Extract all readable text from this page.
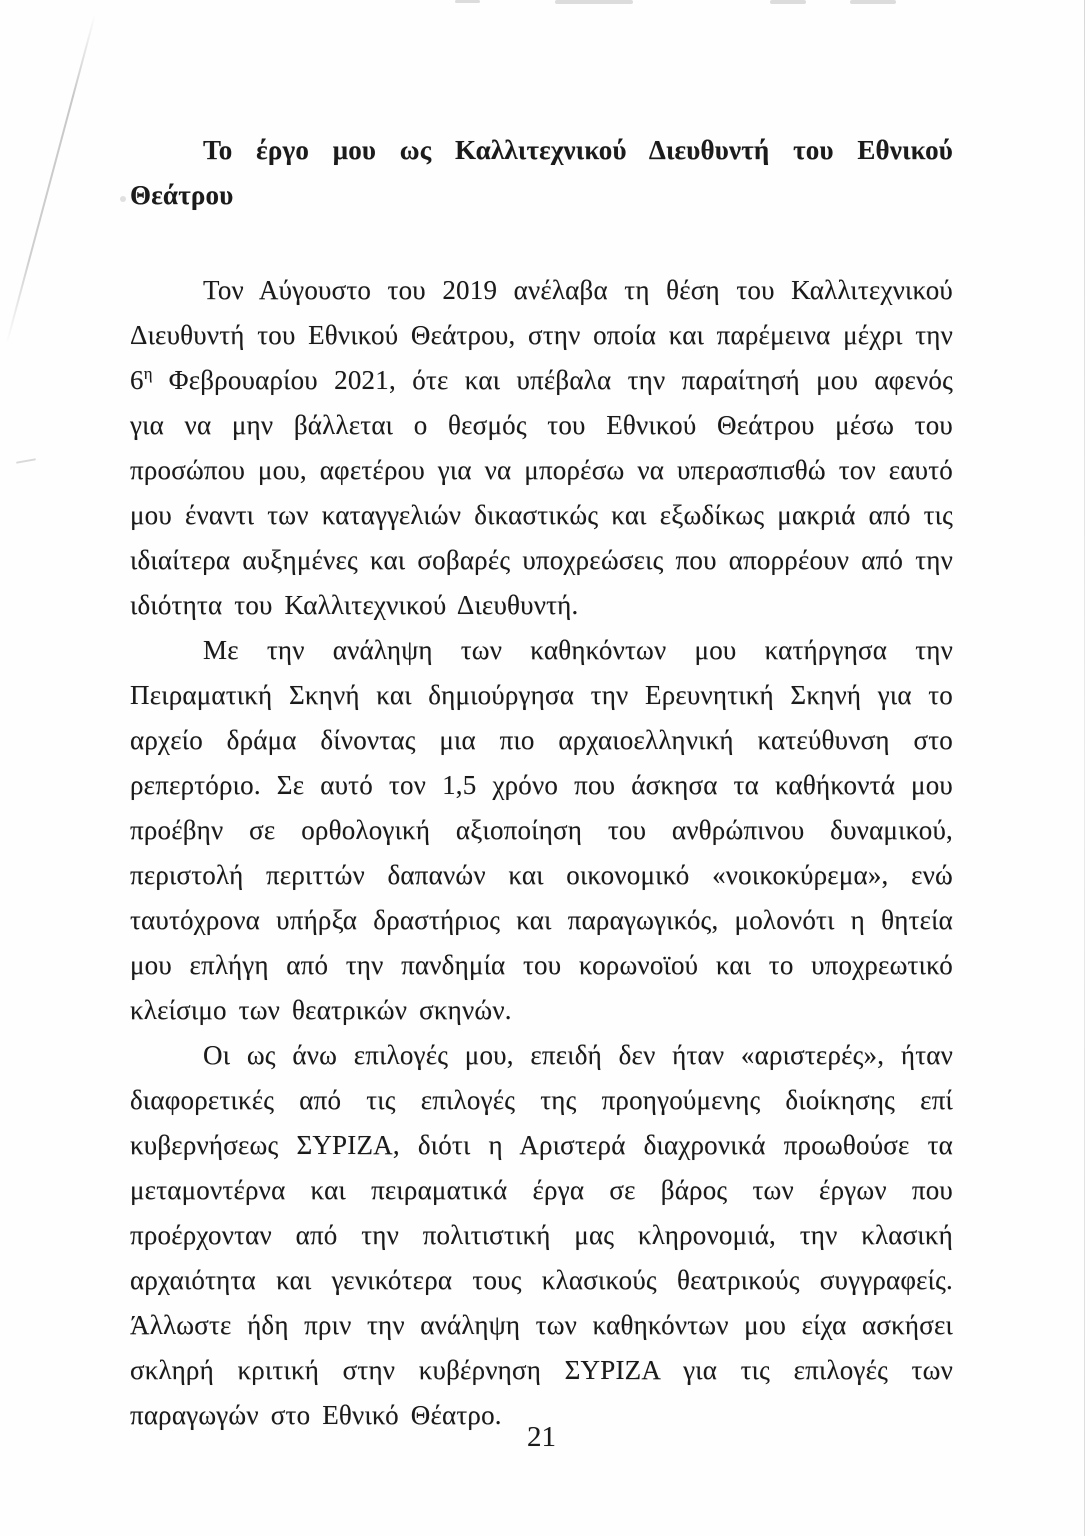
Το έργο μου ως Καλλιτεχνικού Διευθυντή του Εθνικού
Θεάτρου

Τον Αύγουστο του 2019 ανέλαβα τη θέση του Καλλιτεχνικού Διευθυντή του Εθνικού Θεάτρου, στην οποία και παρέμεινα μέχρι την $6^\eta$ Φεβρουαρίου 2021, ότε και υπέβαλα την παραίτησή μου αφενός για να μην βάλλεται ο θεσμός του Εθνικού Θεάτρου μέσω του προσώπου μου, αφετέρου για να μπορέσω να υπερασπισθώ τον εαυτό μου έναντι των καταγγελιών δικαστικώς και εξωδίκως μακριά από τις ιδιαίτερα αυξημένες και σοβαρές υποχρεώσεις που απορρέουν από την ιδιότητα του Καλλιτεχνικού Διευθυντή.

Με την ανάληψη των καθηκόντων μου κατήργησα την Πειραματική Σκηνή και δημιούργησα την Ερευνητική Σκηνή για το αρχείο δράμα δίνοντας μια πιο αρχαιοελληνική κατεύθυνση στο ρεπερτόριο. Σε αυτό τον 1,5 χρόνο που άσκησα τα καθήκοντά μου προέβην σε ορθολογική αξιοποίηση του ανθρώπινου δυναμικού, περιστολή περιττών δαπανών και οικονομικό «νοικοκύρεμα», ενώ ταυτόχρονα υπήρξα δραστήριος και παραγωγικός, μολονότι η θητεία μου επλήγη από την πανδημία του κορωνοϊού και το υποχρεωτικό κλείσιμο των θεατρικών σκηνών.

Οι ως άνω επιλογές μου, επειδή δεν ήταν «αριστερές», ήταν διαφορετικές από τις επιλογές της προηγούμενης διοίκησης επί κυβερνήσεως ΣΥΡΙΖΑ, διότι η Αριστερά διαχρονικά προωθούσε τα μεταμοντέρνα και πειραματικά έργα σε βάρος των έργων που προέρχονταν από την πολιτιστική μας κληρονομιά, την κλασική αρχαιότητα και γενικότερα τους κλασικούς θεατρικούς συγγραφείς. Άλλωστε ήδη πριν την ανάληψη των καθηκόντων μου είχα ασκήσει σκληρή κριτική στην κυβέρνηση ΣΥΡΙΖΑ για τις επιλογές των παραγωγών στο Εθνικό Θέατρο.

21
